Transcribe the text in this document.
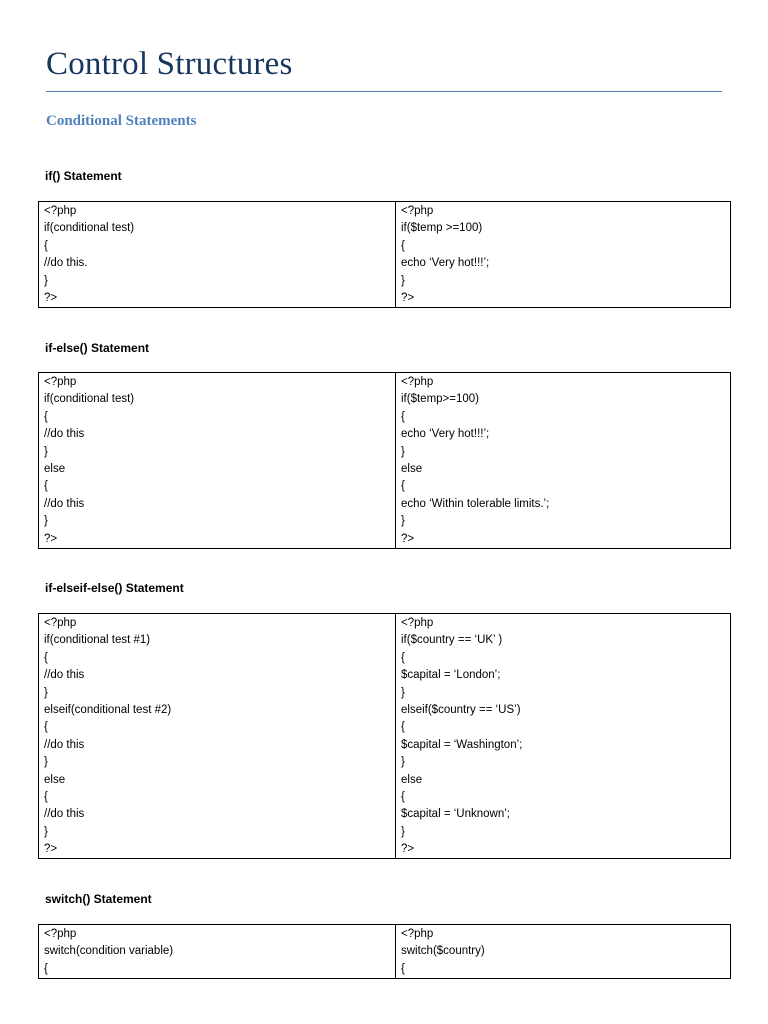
Control Structures
Conditional Statements
if() Statement
<?php
if(conditional test)
{
//do this.
}
?>

<?php
if($temp >=100)
{
echo ‘Very hot!!!’;
}
?>
if-else() Statement
<?php
if(conditional test)
{
//do this
}
else
{
//do this
}
?>

<?php
if($temp>=100)
{
echo ‘Very hot!!!’;
}
else
{
echo ‘Within tolerable limits.’;
}
?>
if-elseif-else() Statement
<?php
if(conditional test #1)
{
//do this
}
elseif(conditional test #2)
{
//do this
}
else
{
//do this
}
?>

<?php
if($country == ‘UK’ )
{
$capital = ‘London’;
}
elseif($country == ‘US’)
{
$capital = ‘Washington’;
}
else
{
$capital = ‘Unknown’;
}
?>
switch() Statement
<?php
switch(condition variable)
{

<?php
switch($country)
{
